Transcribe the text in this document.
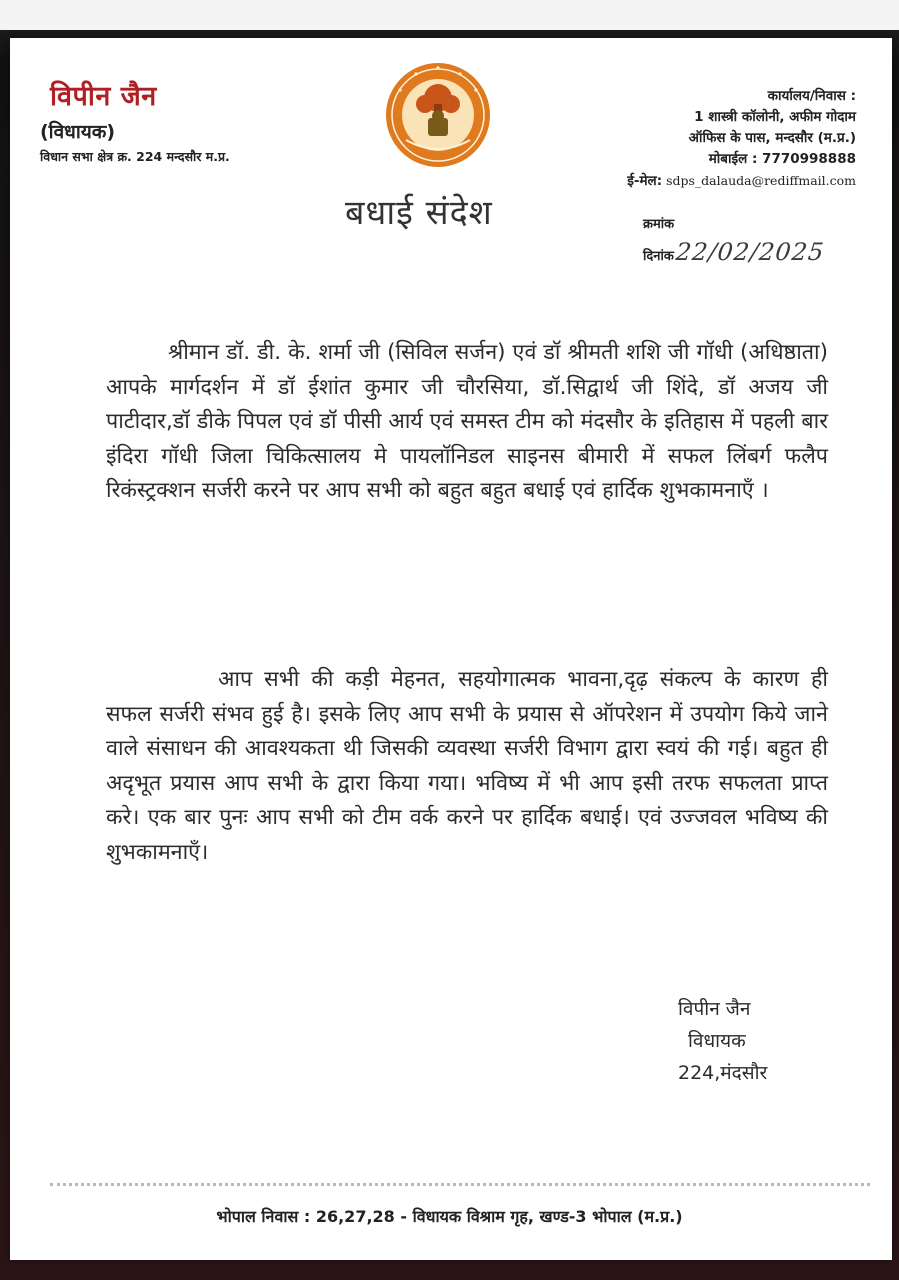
विपीन जैन
(विधायक)
विधान सभा क्षेत्र क्र. 224 मन्दसौर म.प्र.
बधाई संदेश
कार्यालय/निवास :
1 शास्त्री कॉलोनी, अफीम गोदाम
ऑफिस के पास, मन्दसौर (म.प्र.)
मोबाईल : 7770998888
ई-मेल: sdps_dalauda@rediffmail.com
क्रमांक
दिनांक22/02/2025
श्रीमान डॉ. डी. के. शर्मा जी (सिविल सर्जन) एवं डॉ श्रीमती शशि जी गॉधी (अधिष्ठाता) आपके मार्गदर्शन में डॉ ईशांत कुमार जी चौरसिया, डॉ.सिद्वार्थ जी शिंदे, डॉ अजय जी पाटीदार,डॉ डीके पिपल एवं डॉ पीसी आर्य एवं समस्त टीम को मंदसौर के इतिहास में पहली बार इंदिरा गॉधी जिला चिकित्सालय मे पायलॉनिडल साइनस बीमारी में सफल लिंबर्ग फलैप रिकंस्ट्रक्शन सर्जरी करने पर आप सभी को बहुत बहुत बधाई एवं हार्दिक शुभकामनाएँ ।
आप सभी की कड़ी मेहनत, सहयोगात्मक भावना,दृढ़ संकल्प के कारण ही सफल सर्जरी संभव हुई है। इसके लिए आप सभी के प्रयास से ऑपरेशन में उपयोग किये जाने वाले संसाधन की आवश्यकता थी जिसकी व्यवस्था सर्जरी विभाग द्वारा स्वयं की गई। बहुत ही अदृभूत प्रयास आप सभी के द्वारा किया गया। भविष्य में भी आप इसी तरफ सफलता प्राप्त करे। एक बार पुनः आप सभी को टीम वर्क करने पर हार्दिक बधाई। एवं उज्जवल भविष्य की शुभकामनाएँ।
विपीन जैन
विधायक
224,मंदसौर
भोपाल निवास : 26,27,28 - विधायक विश्राम गृह, खण्ड-3 भोपाल (म.प्र.)
